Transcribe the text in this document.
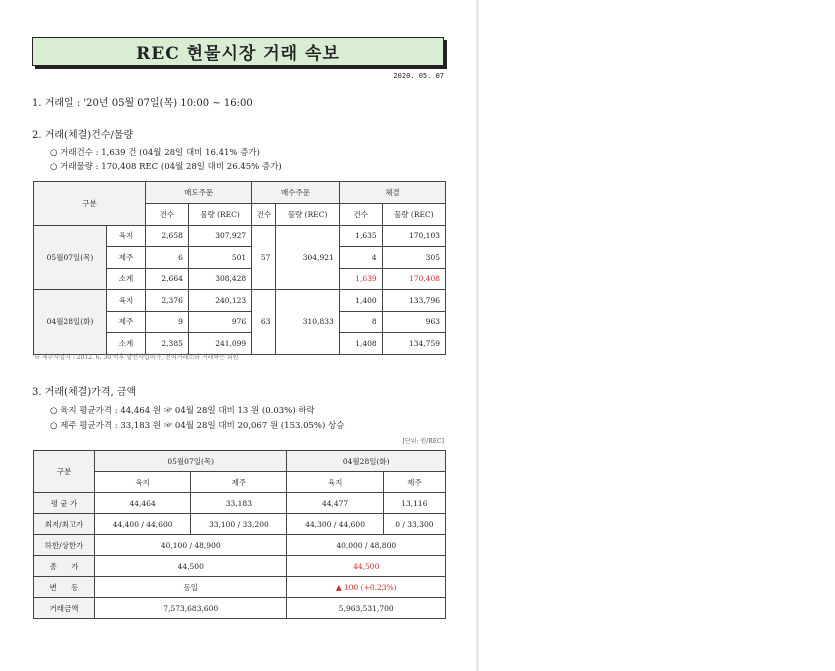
REC 현물시장 거래 속보
2020. 05. 07
1. 거래일 : '20년 05월 07일(목) 10:00 ~ 16:00
2. 거래(체결)건수/물량
○ 거래건수 : 1,639 건 (04월 28일 대비 16.41% 증가)
○ 거래물량 : 170,408 REC (04월 28일 대비 26.45% 증가)
구분		매도주문		매수주문		체결	
		건수	물량 (REC)	건수	물량 (REC)	건수	물량 (REC)
05월07일(목)	육지	2,658	307,927	57	304,921	1,635	170,103
	제주	6	501			4	305
	소계	2,664	308,428			1,639	170,408
04월28일(화)	육지	2,376	240,123	63	310,833	1,400	133,796
	제주	9	976			8	963
	소계	2,385	241,099			1,408	134,759
※ 제주사업자 : 2012. 6. 30 이후 발전사업허가, 전력거래소와 거래하는 회원
3. 거래(체결)가격, 금액
○ 육지 평균가격 : 44,464 원 ☞ 04월 28일 대비 13 원 (0.03%) 하락
○ 제주 평균가격 : 33,183 원 ☞ 04월 28일 대비 20,067 원 (153.05%) 상승
[단위: 원/REC]
구분	05월07일(목)		04월28일(화)	
	육지	제주	육지	제주
평 균 가	44,464	33,183	44,477	13,116
최저/최고가	44,400 / 44,600	33,100 / 33,200	44,300 / 44,600	0 / 33,300
하한/상한가	40,100 / 48,900		40,000 / 48,800	
종      가	44,500		44,500	
변      동	동일		▲ 100 (+0.23%)	
거래금액	7,573,683,600		5,963,531,700	
